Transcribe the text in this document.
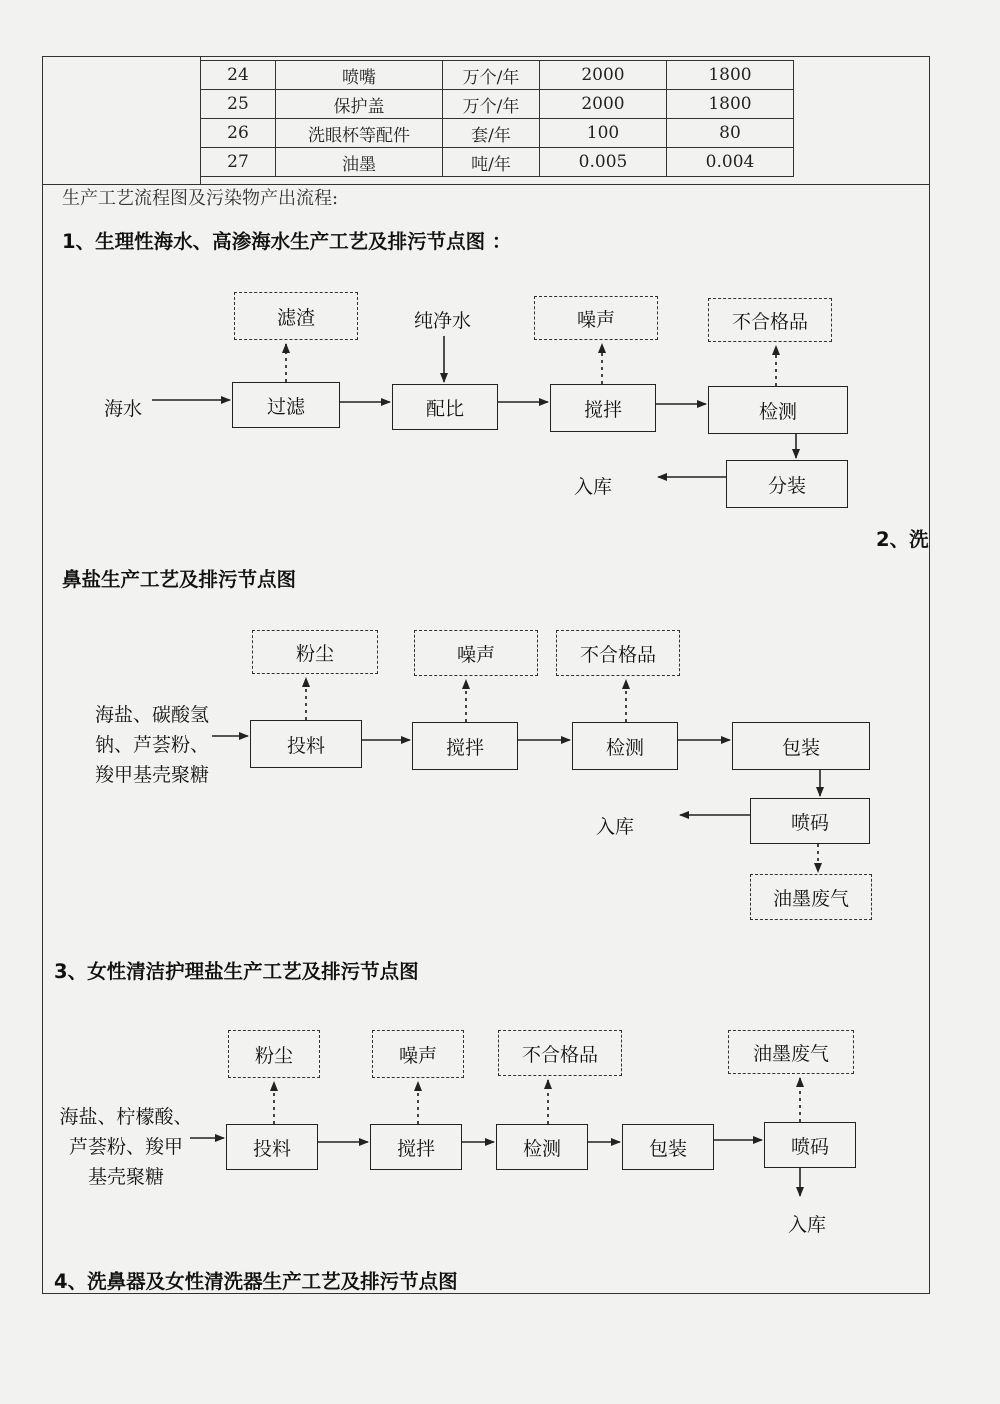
24	喷嘴	万个/年	2000	1800
25	保护盖	万个/年	2000	1800
26	洗眼杯等配件	套/年	100	80
27	油墨	吨/年	0.005	0.004
生产工艺流程图及污染物产出流程:
1、生理性海水、高渗海水生产工艺及排污节点图 ：
滤渣	纯净水	噪声	不合格品
海水	过滤	配比	搅拌	检测
分装
入库
2、洗
鼻盐生产工艺及排污节点图
粉尘	噪声	不合格品
海盐、碳酸氢
钠、芦荟粉、
羧甲基壳聚糖
投料	搅拌	检测	包装
喷码
入库
油墨废气
3、女性清洁护理盐生产工艺及排污节点图
粉尘	噪声	不合格品	油墨废气
海盐、柠檬酸、
芦荟粉、羧甲
基壳聚糖
投料	搅拌	检测	包装	喷码
入库
4、洗鼻器及女性清洗器生产工艺及排污节点图
